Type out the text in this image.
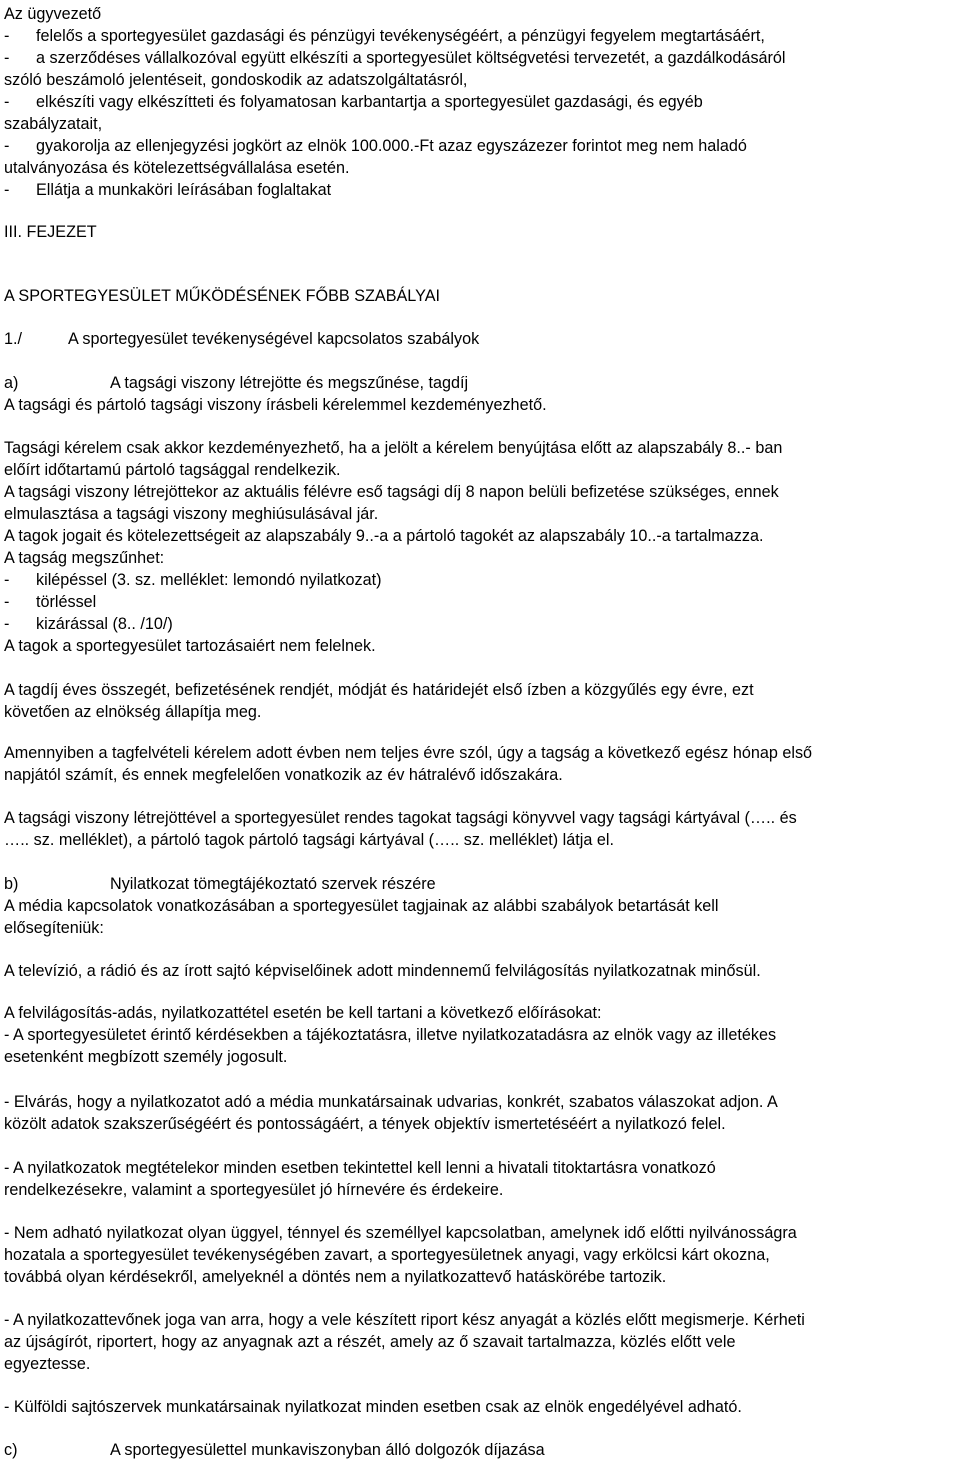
Az ügyvezető
- felelős a sportegyesület gazdasági és pénzügyi tevékenységéért, a pénzügyi fegyelem megtartásáért,
- a szerződéses vállalkozóval együtt elkészíti a sportegyesület költségvetési tervezetét, a gazdálkodásáról
szóló beszámoló jelentéseit, gondoskodik az adatszolgáltatásról,
- elkészíti vagy elkészítteti és folyamatosan karbantartja a sportegyesület gazdasági, és egyéb
szabályzatait,
- gyakorolja az ellenjegyzési jogkört az elnök 100.000.-Ft azaz egyszázezer forintot meg nem haladó
utalványozása és kötelezettségvállalása esetén.
- Ellátja a munkaköri leírásában foglaltakat
III. FEJEZET
A SPORTEGYESÜLET MŰKÖDÉSÉNEK FŐBB SZABÁLYAI
1./	A sportegyesület tevékenységével kapcsolatos szabályok
a)	A tagsági viszony létrejötte és megszűnése, tagdíj
A tagsági és pártoló tagsági viszony írásbeli kérelemmel kezdeményezhető.
Tagsági kérelem csak akkor kezdeményezhető, ha a jelölt a kérelem benyújtása előtt az alapszabály 8..- ban
előírt időtartamú pártoló tagsággal rendelkezik.
A tagsági viszony létrejöttekor az aktuális félévre eső tagsági díj 8 napon belüli befizetése szükséges, ennek
elmulasztása a tagsági viszony meghiúsulásával jár.
A tagok jogait és kötelezettségeit az alapszabály 9..-a a pártoló tagokét az alapszabály 10..-a tartalmazza.
A tagság megszűnhet:
- kilépéssel (3. sz. melléklet: lemondó nyilatkozat)
- törléssel
- kizárással (8.. /10/)
A tagok a sportegyesület tartozásaiért nem felelnek.
A tagdíj éves összegét, befizetésének rendjét, módját és határidejét első ízben a közgyűlés egy évre, ezt
követően az elnökség állapítja meg.
Amennyiben a tagfelvételi kérelem adott évben nem teljes évre szól, úgy a tagság a következő egész hónap első
napjától számít, és ennek megfelelően vonatkozik az év hátralévő időszakára.
A tagsági viszony létrejöttével a sportegyesület rendes tagokat tagsági könyvvel vagy tagsági kártyával (….. és
….. sz. melléklet), a pártoló tagok pártoló tagsági kártyával (….. sz. melléklet) látja el.
b)	Nyilatkozat tömegtájékoztató szervek részére
A média kapcsolatok vonatkozásában a sportegyesület tagjainak az alábbi szabályok betartását kell
elősegíteniük:
A televízió, a rádió és az írott sajtó képviselőinek adott mindennemű felvilágosítás nyilatkozatnak minősül.
A felvilágosítás-adás, nyilatkozattétel esetén be kell tartani a következő előírásokat:
- A sportegyesületet érintő kérdésekben a tájékoztatásra, illetve nyilatkozatadásra az elnök vagy az illetékes
esetenként megbízott személy jogosult.
- Elvárás, hogy a nyilatkozatot adó a média munkatársainak udvarias, konkrét, szabatos válaszokat adjon. A
közölt adatok szakszerűségéért és pontosságáért, a tények objektív ismertetéséért a nyilatkozó felel.
- A nyilatkozatok megtételekor minden esetben tekintettel kell lenni a hivatali titoktartásra vonatkozó
rendelkezésekre, valamint a sportegyesület jó hírnevére és érdekeire.
- Nem adható nyilatkozat olyan üggyel, ténnyel és személlyel kapcsolatban, amelynek idő előtti nyilvánosságra
hozatala a sportegyesület tevékenységében zavart, a sportegyesületnek anyagi, vagy erkölcsi kárt okozna,
továbbá olyan kérdésekről, amelyeknél a döntés nem a nyilatkozattevő hatáskörébe tartozik.
- A nyilatkozattevőnek joga van arra, hogy a vele készített riport kész anyagát a közlés előtt megismerje. Kérheti
az újságírót, riportert, hogy az anyagnak azt a részét, amely az ő szavait tartalmazza, közlés előtt vele
egyeztesse.
- Külföldi sajtószervek munkatársainak nyilatkozat minden esetben csak az elnök engedélyével adható.
c)	A sportegyesülettel munkaviszonyban álló dolgozók díjazása
